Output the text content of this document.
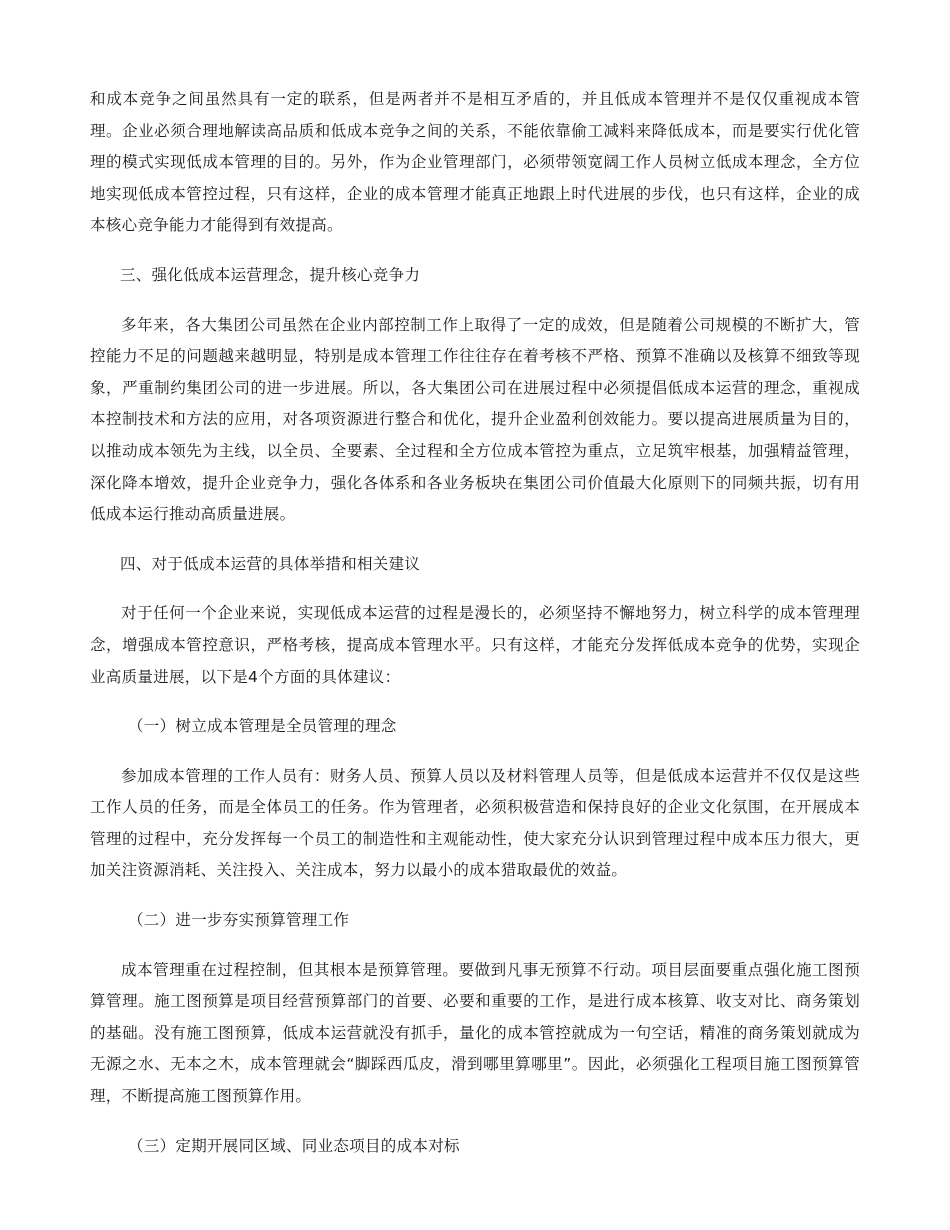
和成本竞争之间虽然具有一定的联系，但是两者并不是相互矛盾的，并且低成本管理并不是仅仅重视成本管理。企业必须合理地解读高品质和低成本竞争之间的关系，不能依靠偷工减料来降低成本，而是要实行优化管理的模式实现低成本管理的目的。另外，作为企业管理部门，必须带领宽阔工作人员树立低成本理念，全方位地实现低成本管控过程，只有这样，企业的成本管理才能真正地跟上时代进展的步伐，也只有这样，企业的成本核心竞争能力才能得到有效提高。

三、强化低成本运营理念，提升核心竞争力

多年来，各大集团公司虽然在企业内部控制工作上取得了一定的成效，但是随着公司规模的不断扩大，管控能力不足的问题越来越明显，特别是成本管理工作往往存在着考核不严格、预算不准确以及核算不细致等现象，严重制约集团公司的进一步进展。所以，各大集团公司在进展过程中必须提倡低成本运营的理念，重视成本控制技术和方法的应用，对各项资源进行整合和优化，提升企业盈利创效能力。要以提高进展质量为目的，以推动成本领先为主线，以全员、全要素、全过程和全方位成本管控为重点，立足筑牢根基，加强精益管理，深化降本增效，提升企业竞争力，强化各体系和各业务板块在集团公司价值最大化原则下的同频共振，切有用低成本运行推动高质量进展。

四、对于低成本运营的具体举措和相关建议

对于任何一个企业来说，实现低成本运营的过程是漫长的，必须坚持不懈地努力，树立科学的成本管理理念，增强成本管控意识，严格考核，提高成本管理水平。只有这样，才能充分发挥低成本竞争的优势，实现企业高质量进展，以下是4个方面的具体建议：

（一）树立成本管理是全员管理的理念

参加成本管理的工作人员有：财务人员、预算人员以及材料管理人员等，但是低成本运营并不仅仅是这些工作人员的任务，而是全体员工的任务。作为管理者，必须积极营造和保持良好的企业文化氛围，在开展成本管理的过程中，充分发挥每一个员工的制造性和主观能动性，使大家充分认识到管理过程中成本压力很大，更加关注资源消耗、关注投入、关注成本，努力以最小的成本猎取最优的效益。

（二）进一步夯实预算管理工作

成本管理重在过程控制，但其根本是预算管理。要做到凡事无预算不行动。项目层面要重点强化施工图预算管理。施工图预算是项目经营预算部门的首要、必要和重要的工作，是进行成本核算、收支对比、商务策划的基础。没有施工图预算，低成本运营就没有抓手，量化的成本管控就成为一句空话，精准的商务策划就成为无源之水、无本之木，成本管理就会“脚踩西瓜皮，滑到哪里算哪里”。因此，必须强化工程项目施工图预算管理，不断提高施工图预算作用。

（三）定期开展同区域、同业态项目的成本对标
